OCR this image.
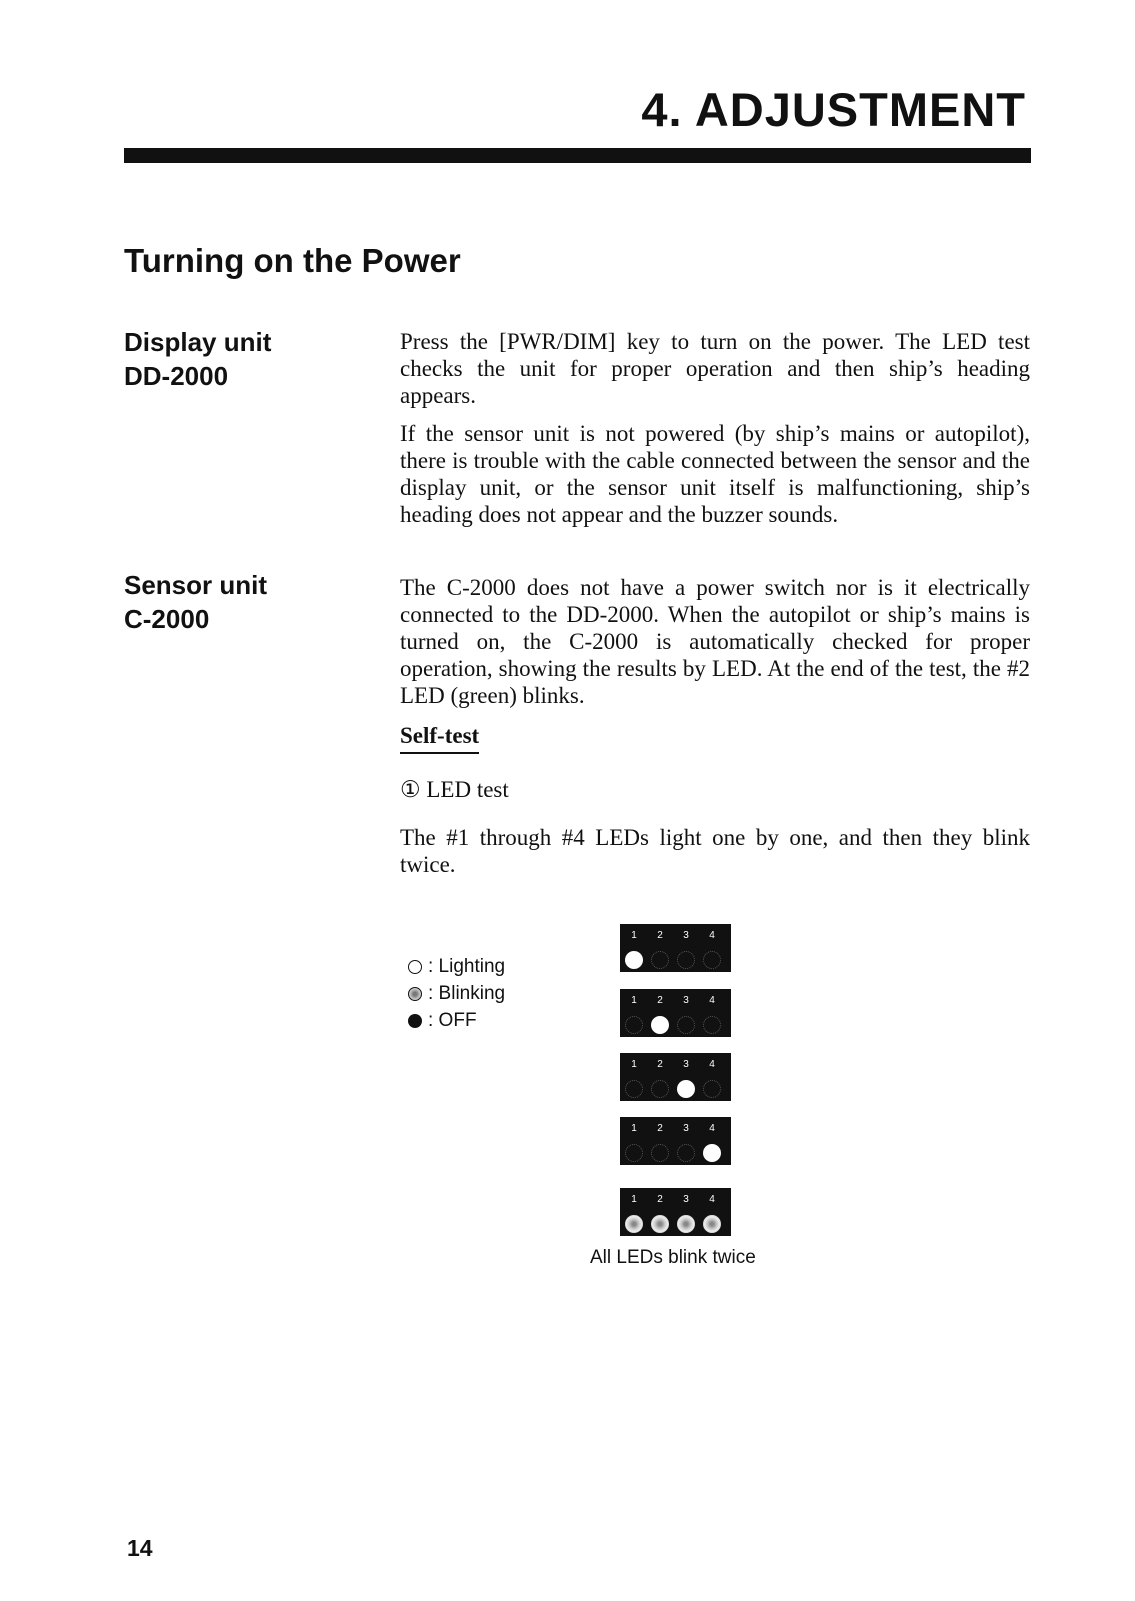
4. ADJUSTMENT
Turning on the Power
Display unit
DD-2000

Press the [PWR/DIM] key to turn on the power. The LED test checks the unit for proper operation and then ship’s heading appears.

If the sensor unit is not powered (by ship’s mains or autopilot), there is trouble with the cable connected between the sensor and the display unit, or the sensor unit itself is malfunctioning, ship’s heading does not appear and the buzzer sounds.

Sensor unit
C-2000

The C-2000 does not have a power switch nor is it electrically connected to the DD-2000. When the autopilot or ship’s mains is turned on, the C-2000 is automatically checked for proper operation, showing the results by LED. At the end of the test, the #2 LED (green) blinks.

Self-test

① LED test

The #1 through #4 LEDs light one by one, and then they blink twice.

: Lighting
: Blinking
: OFF
1	2	3	4
1	2	3	4
1	2	3	4
1	2	3	4
1	2	3	4
All LEDs blink twice
14
